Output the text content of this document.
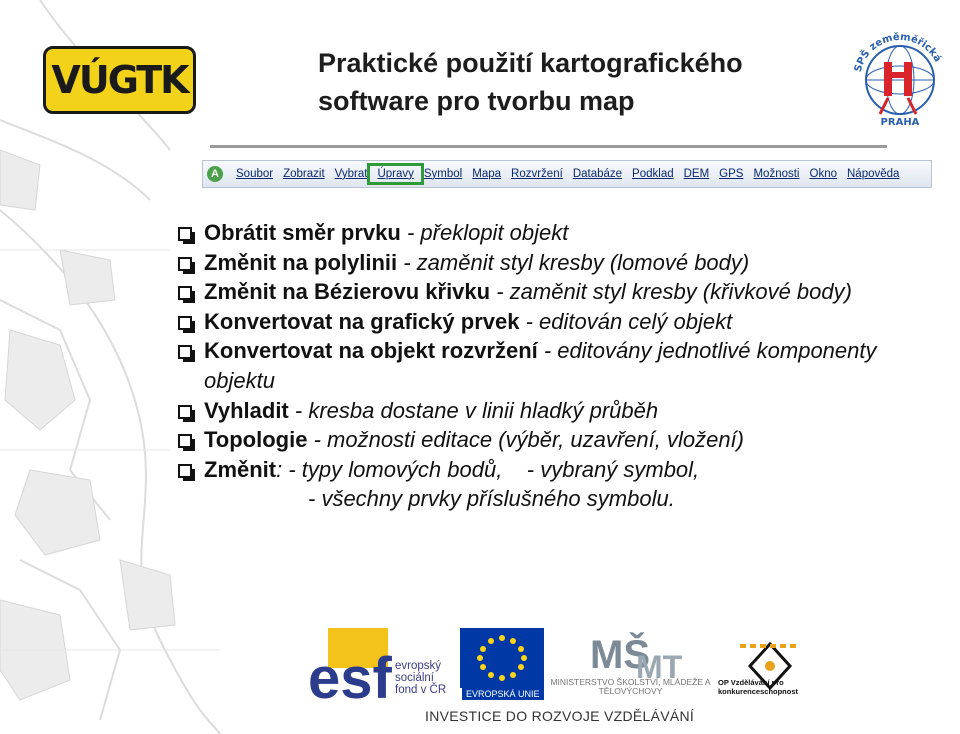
VÚGTK	Praktické použití kartografického
software pro tvorbu map
SPŠ zeměměřická
PRAHA
A	Soubor Zobrazit Vybrat Úpravy Symbol Mapa Rozvržení Databáze Podklad DEM GPS Možnosti Okno Nápověda
Obrátit směr prvku - překlopit objekt
Změnit na polylinii - zaměnit styl kresby (lomové body)
Změnit na Bézierovu křivku - zaměnit styl kresby (křivkové body)
Konvertovat na grafický prvek - editován celý objekt
Konvertovat na objekt rozvržení - editovány jednotlivé komponenty objektu
Vyhladit - kresba dostane v linii hladký průběh
Topologie - možnosti editace (výběr, uzavření, vložení)
Změnit: - typy lomových bodů,    - vybraný symbol,
- všechny prvky příslušného symbolu.
esf	MŠ
MT
evropský sociální fond v ČR	EVROPSKÁ UNIE
MINISTERSTVO ŠKOLSTVÍ, MLÁDEŽE A TĚLOVÝCHOVY
OP Vzdělávání pro konkurenceschopnost
INVESTICE DO ROZVOJE VZDĚLÁVÁNÍ
